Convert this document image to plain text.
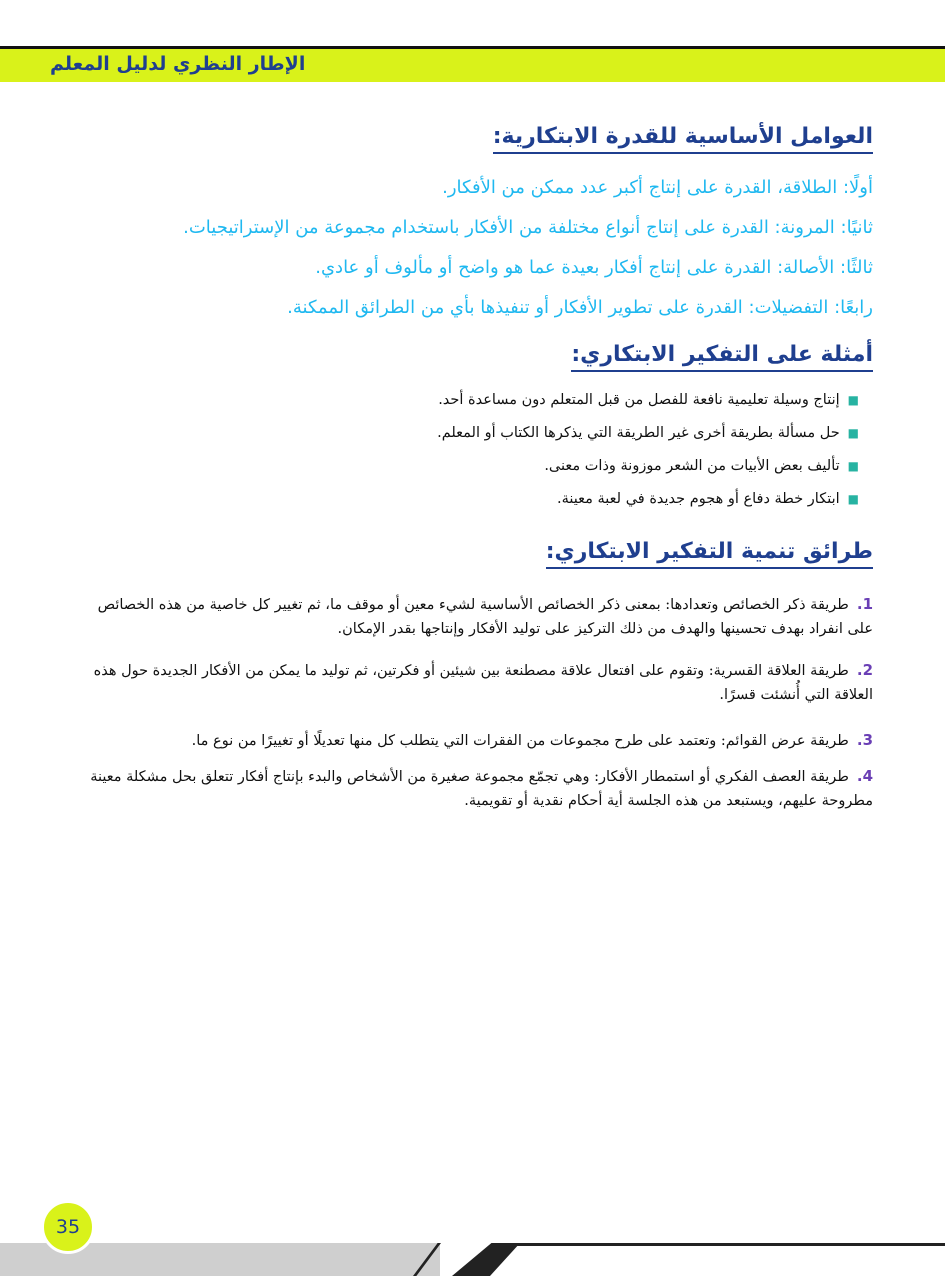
الإطار النظري لدليل المعلم
العوامل الأساسية للقدرة الابتكارية:
أولًا: الطلاقة، القدرة على إنتاج أكبر عدد ممكن من الأفكار.
ثانيًا: المرونة: القدرة على إنتاج أنواع مختلفة من الأفكار باستخدام مجموعة من الإستراتيجيات.
ثالثًا: الأصالة: القدرة على إنتاج أفكار بعيدة عما هو واضح أو مألوف أو عادي.
رابعًا: التفضيلات: القدرة على تطوير الأفكار أو تنفيذها بأي من الطرائق الممكنة.
أمثلة على التفكير الابتكاري:
■إنتاج وسيلة تعليمية نافعة للفصل من قبل المتعلم دون مساعدة أحد.
■حل مسألة بطريقة أخرى غير الطريقة التي يذكرها الكتاب أو المعلم.
■تأليف بعض الأبيات من الشعر موزونة وذات معنى.
■ابتكار خطة دفاع أو هجوم جديدة في لعبة معينة.
طرائق تنمية التفكير الابتكاري:
1.طريقة ذكر الخصائص وتعدادها: بمعنى ذكر الخصائص الأساسية لشيء معين أو موقف ما، ثم تغيير كل خاصية من هذه الخصائص على انفراد بهدف تحسينها والهدف من ذلك التركيز على توليد الأفكار وإنتاجها بقدر الإمكان.
2.طريقة العلاقة القسرية: وتقوم على افتعال علاقة مصطنعة بين شيئين أو فكرتين، ثم توليد ما يمكن من الأفكار الجديدة حول هذه العلاقة التي أُنشئت قسرًا.
3.طريقة عرض القوائم: وتعتمد على طرح مجموعات من الفقرات التي يتطلب كل منها تعديلًا أو تغييرًا من نوع ما.
4.طريقة العصف الفكري أو استمطار الأفكار: وهي تجمّع مجموعة صغيرة من الأشخاص والبدء بإنتاج أفكار تتعلق بحل مشكلة معينة مطروحة عليهم، ويستبعد من هذه الجلسة أية أحكام نقدية أو تقويمية.
35
